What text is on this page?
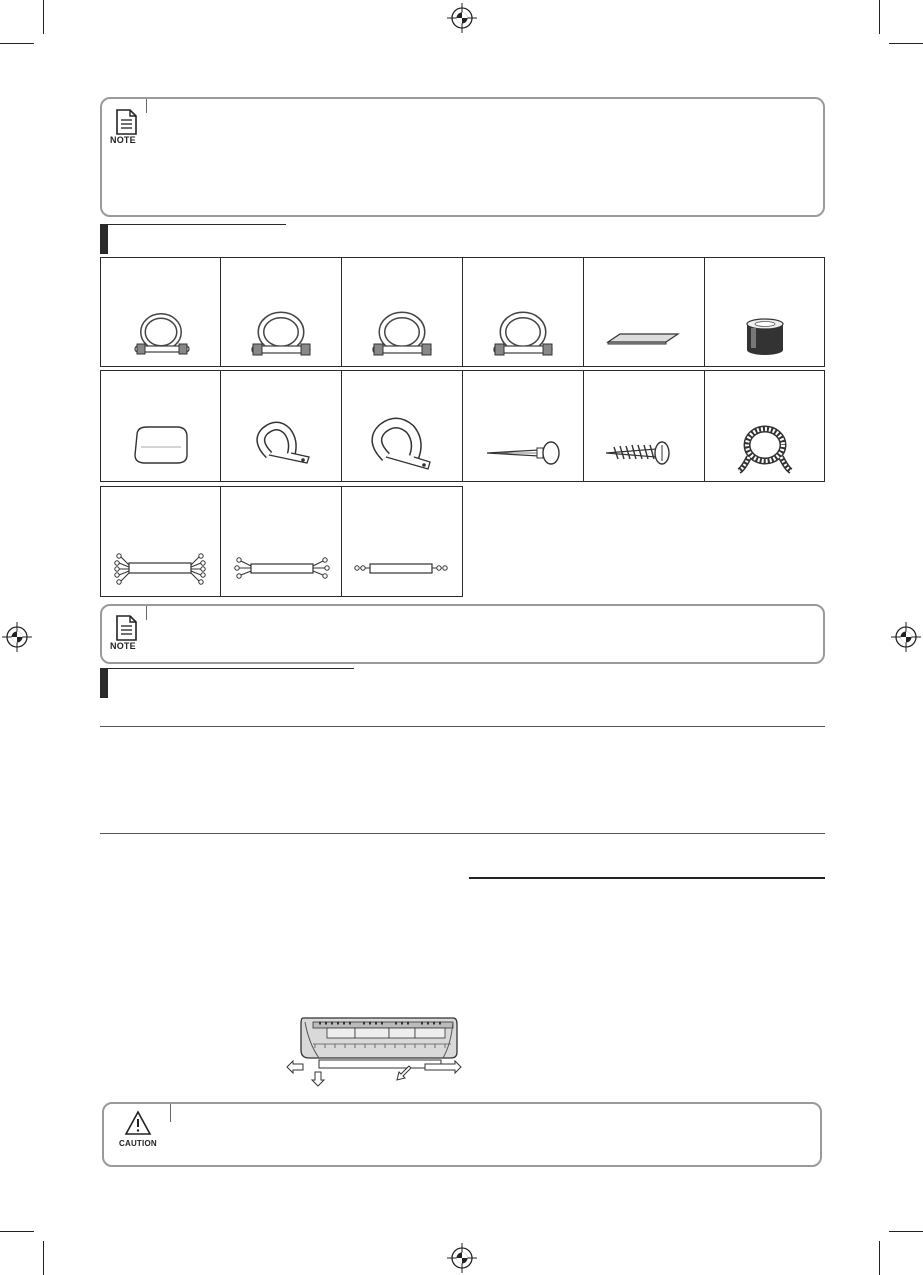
NOTE
NOTE
CAUTION
